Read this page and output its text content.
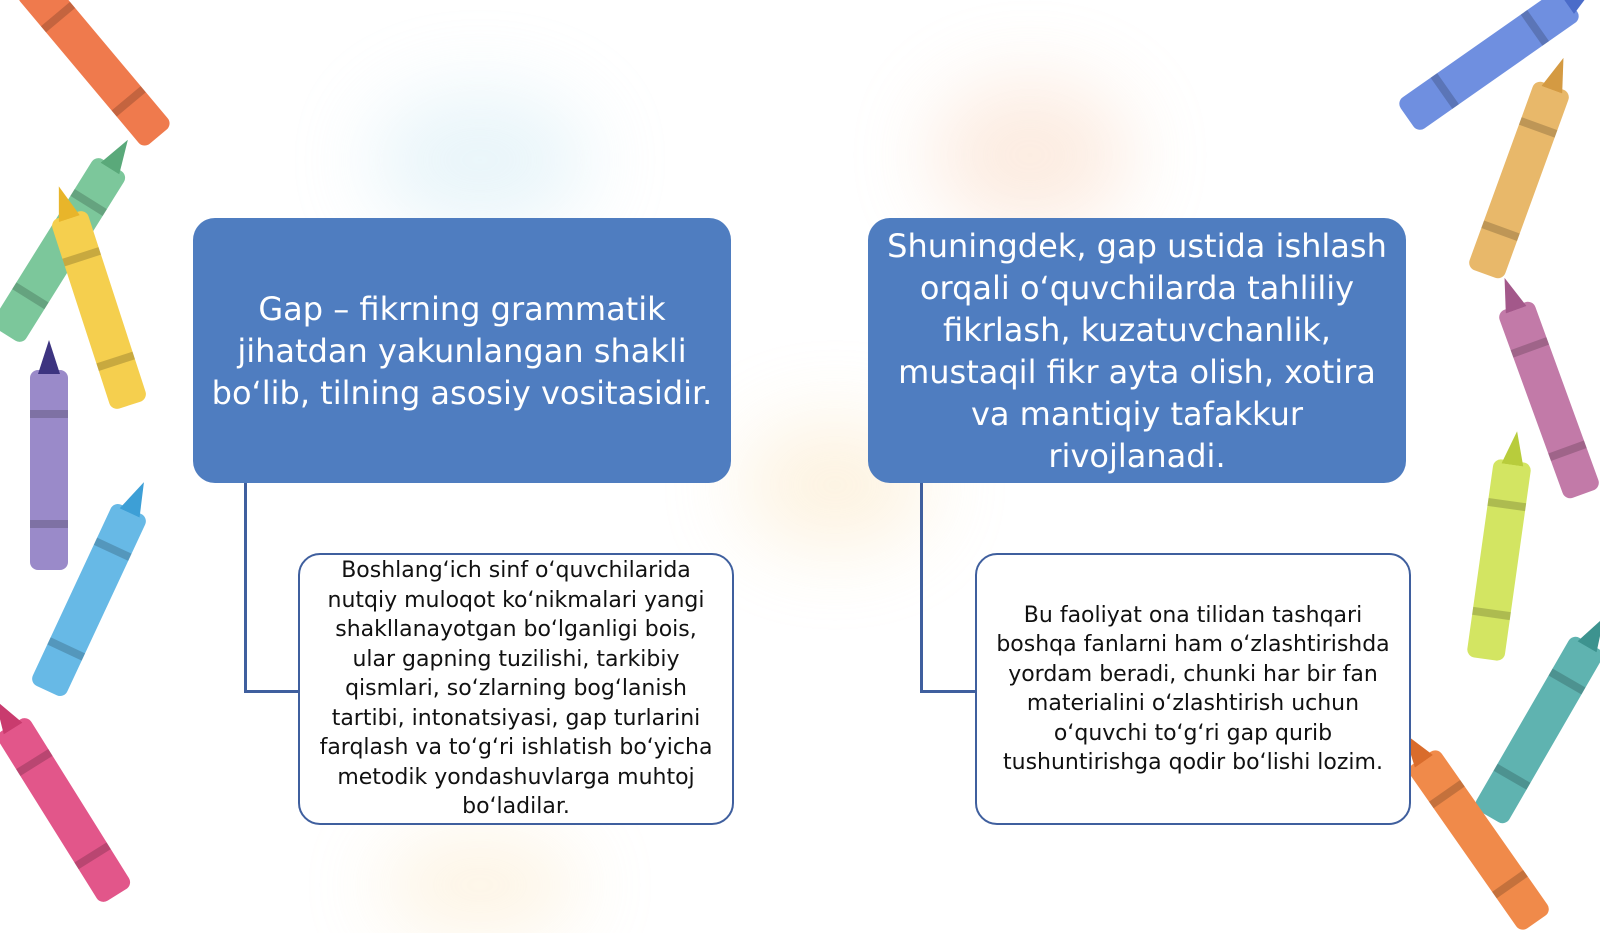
Gap – fikrning grammatik jihatdan yakunlangan shakli bo‘lib, tilning asosiy vositasidir.
Boshlang‘ich sinf o‘quvchilarida nutqiy muloqot ko‘nikmalari yangi shakllanayotgan bo‘lganligi bois, ular gapning tuzilishi, tarkibiy qismlari, so‘zlarning bog‘lanish tartibi, intonatsiyasi, gap turlarini farqlash va to‘g‘ri ishlatish bo‘yicha metodik yondashuvlarga muhtoj bo‘ladilar.
Shuningdek, gap ustida ishlash orqali o‘quvchilarda tahliliy fikrlash, kuzatuvchanlik, mustaqil fikr ayta olish, xotira va mantiqiy tafakkur rivojlanadi.
Bu faoliyat ona tilidan tashqari boshqa fanlarni ham o‘zlashtirishda yordam beradi, chunki har bir fan materialini o‘zlashtirish uchun o‘quvchi to‘g‘ri gap qurib tushuntirishga qodir bo‘lishi lozim.
